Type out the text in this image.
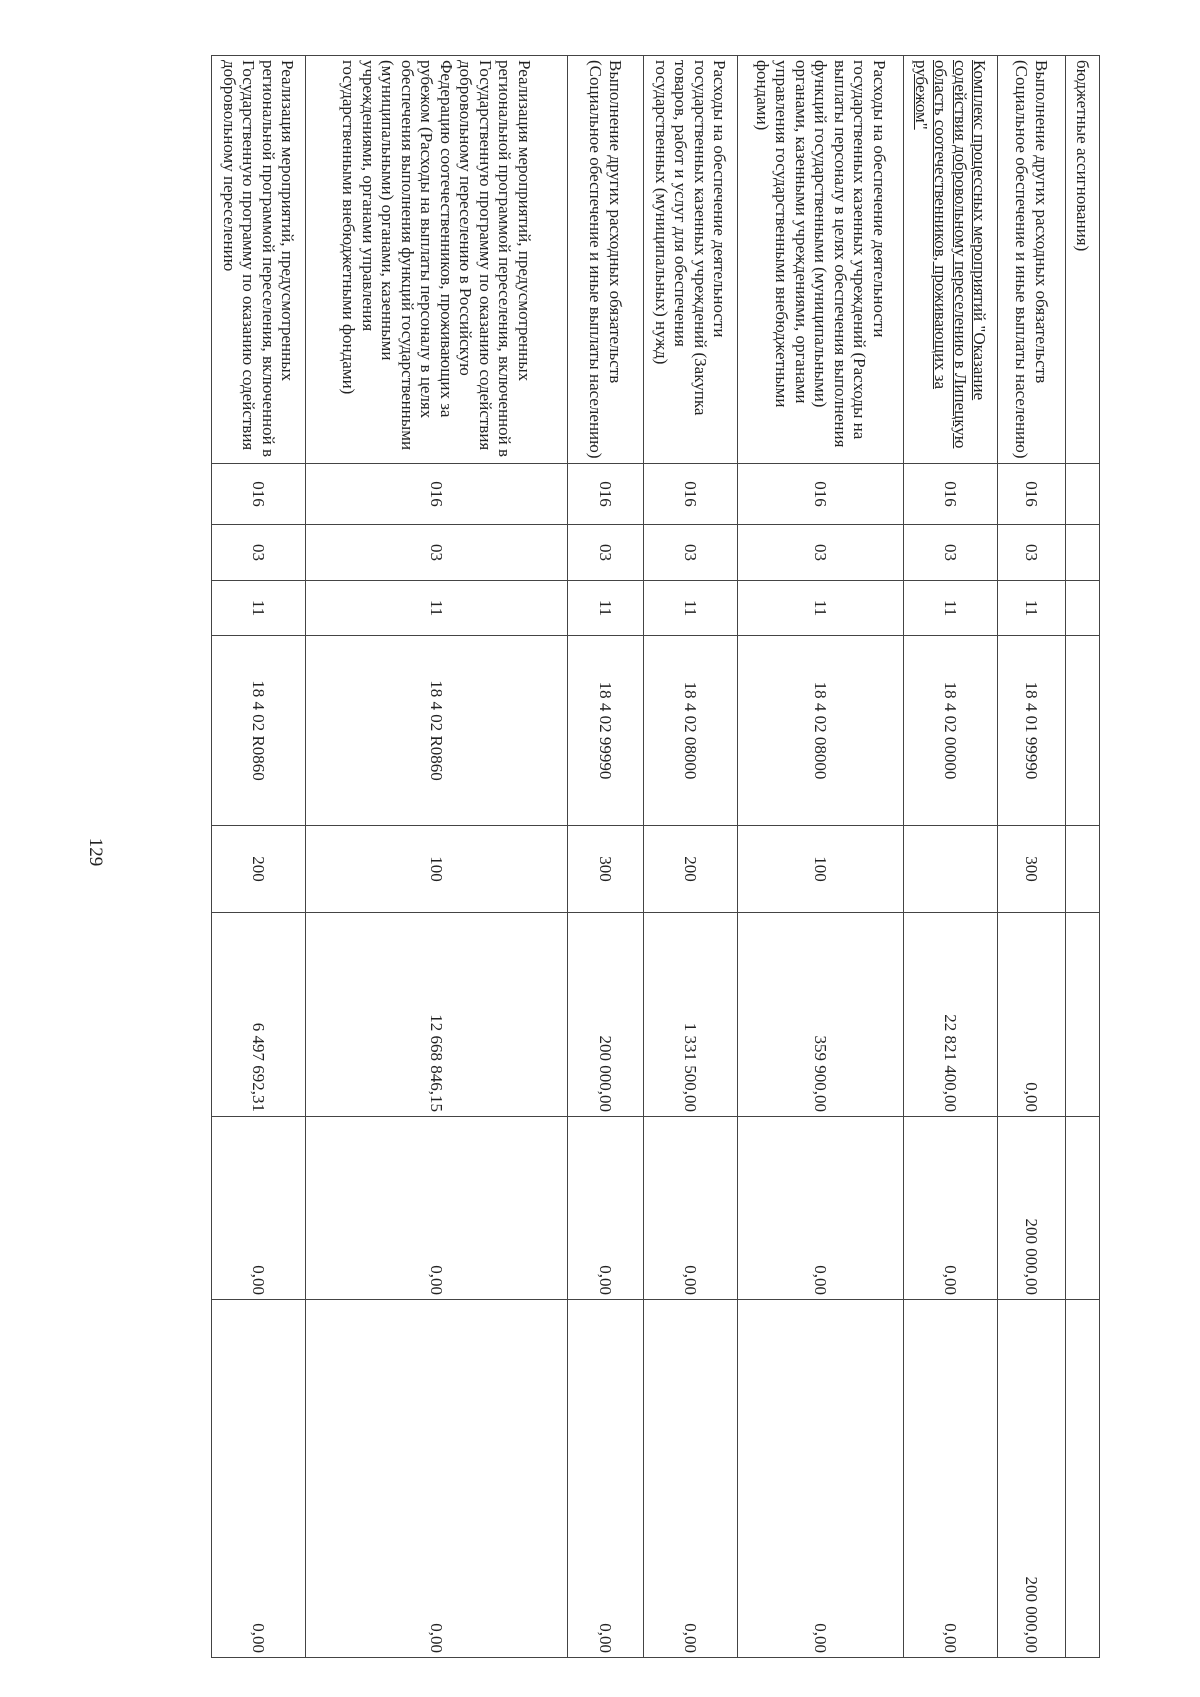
129
бюджетные ассигнования)								
Выполнение других расходных обязательств (Социальное обеспечение и иные выплаты населению)	016	03	11	18 4 01 99990	300	0,00	200 000,00	200 000,00
Комплекс процессных мероприятий "Оказание содействия добровольному переселению в Липецкую область соотечественников, проживающих за рубежом"	016	03	11	18 4 02 00000		22 821 400,00	0,00	0,00
Расходы на обеспечение деятельности государственных казенных учреждений (Расходы на выплаты персоналу в целях обеспечения выполнения функций государственными (муниципальными) органами, казенными учреждениями, органами управления государственными внебюджетными фондами)	016	03	11	18 4 02 08000	100	359 900,00	0,00	0,00
Расходы на обеспечение деятельности государственных казенных учреждений (Закупка товаров, работ и услуг для обеспечения государственных (муниципальных) нужд)	016	03	11	18 4 02 08000	200	1 331 500,00	0,00	0,00
Выполнение других расходных обязательств (Социальное обеспечение и иные выплаты населению)	016	03	11	18 4 02 99990	300	200 000,00	0,00	0,00
Реализация мероприятий, предусмотренных региональной программой переселения, включенной в Государственную программу по оказанию содействия добровольному переселению в Российскую Федерацию соотечественников, проживающих за рубежом (Расходы на выплаты персоналу в целях обеспечения выполнения функций государственными (муниципальными) органами, казенными учреждениями, органами управления государственными внебюджетными фондами)	016	03	11	18 4 02 R0860	100	12 668 846,15	0,00	0,00
Реализация мероприятий, предусмотренных региональной программой переселения, включенной в Государственную программу по оказанию содействия добровольному переселению	016	03	11	18 4 02 R0860	200	6 497 692,31	0,00	0,00
